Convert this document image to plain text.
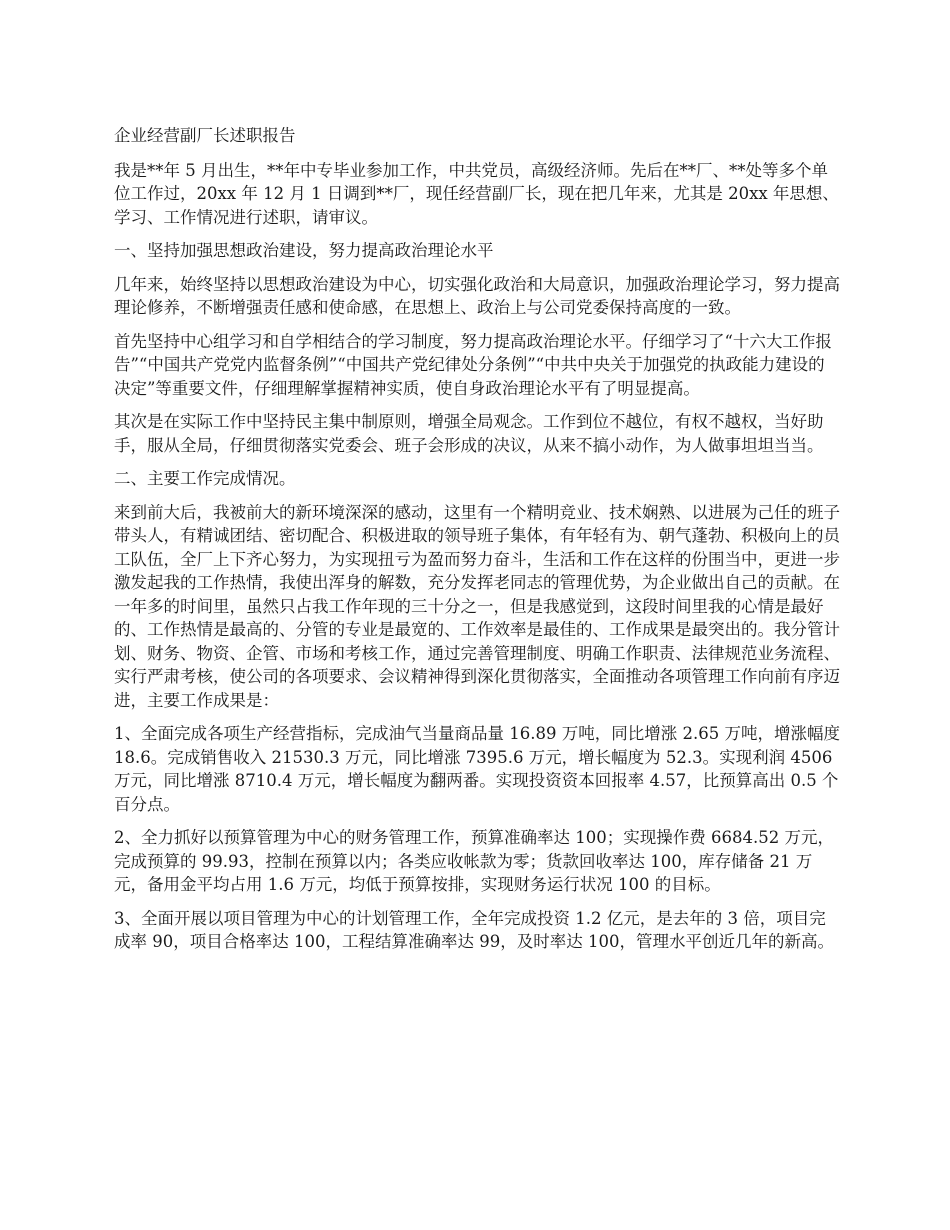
企业经营副厂长述职报告

我是**年 5 月出生，**年中专毕业参加工作，中共党员，高级经济师。先后在**厂、**处等多个单位工作过，20xx 年 12 月 1 日调到**厂，现任经营副厂长，现在把几年来，尤其是 20xx 年思想、学习、工作情况进行述职，请审议。

一、坚持加强思想政治建设，努力提高政治理论水平

几年来，始终坚持以思想政治建设为中心，切实强化政治和大局意识，加强政治理论学习，努力提高理论修养，不断增强责任感和使命感，在思想上、政治上与公司党委保持高度的一致。

首先坚持中心组学习和自学相结合的学习制度，努力提高政治理论水平。仔细学习了“十六大工作报告”“中国共产党党内监督条例”“中国共产党纪律处分条例”“中共中央关于加强党的执政能力建设的决定”等重要文件，仔细理解掌握精神实质，使自身政治理论水平有了明显提高。

其次是在实际工作中坚持民主集中制原则，增强全局观念。工作到位不越位，有权不越权，当好助手，服从全局，仔细贯彻落实党委会、班子会形成的决议，从来不搞小动作，为人做事坦坦当当。

二、主要工作完成情况。

来到前大后，我被前大的新环境深深的感动，这里有一个精明竞业、技术娴熟、以进展为己任的班子带头人，有精诚团结、密切配合、积极进取的领导班子集体，有年轻有为、朝气蓬勃、积极向上的员工队伍，全厂上下齐心努力，为实现扭亏为盈而努力奋斗，生活和工作在这样的份围当中，更进一步激发起我的工作热情，我使出浑身的解数，充分发挥老同志的管理优势，为企业做出自己的贡献。在一年多的时间里，虽然只占我工作年现的三十分之一，但是我感觉到，这段时间里我的心情是最好的、工作热情是最高的、分管的专业是最宽的、工作效率是最佳的、工作成果是最突出的。我分管计划、财务、物资、企管、市场和考核工作，通过完善管理制度、明确工作职责、法律规范业务流程、实行严肃考核，使公司的各项要求、会议精神得到深化贯彻落实，全面推动各项管理工作向前有序迈进，主要工作成果是：

1、全面完成各项生产经营指标，完成油气当量商品量 16.89 万吨，同比增涨 2.65 万吨，增涨幅度 18.6。完成销售收入 21530.3 万元，同比增涨 7395.6 万元，增长幅度为 52.3。实现利润 4506 万元，同比增涨 8710.4 万元，增长幅度为翻两番。实现投资资本回报率 4.57，比预算高出 0.5 个百分点。

2、全力抓好以预算管理为中心的财务管理工作，预算准确率达 100；实现操作费 6684.52 万元，完成预算的 99.93，控制在预算以内；各类应收帐款为零；货款回收率达 100，库存储备 21 万元，备用金平均占用 1.6 万元，均低于预算按排，实现财务运行状况 100 的目标。

3、全面开展以项目管理为中心的计划管理工作，全年完成投资 1.2 亿元，是去年的 3 倍，项目完成率 90，项目合格率达 100，工程结算准确率达 99，及时率达 100，管理水平创近几年的新高。
